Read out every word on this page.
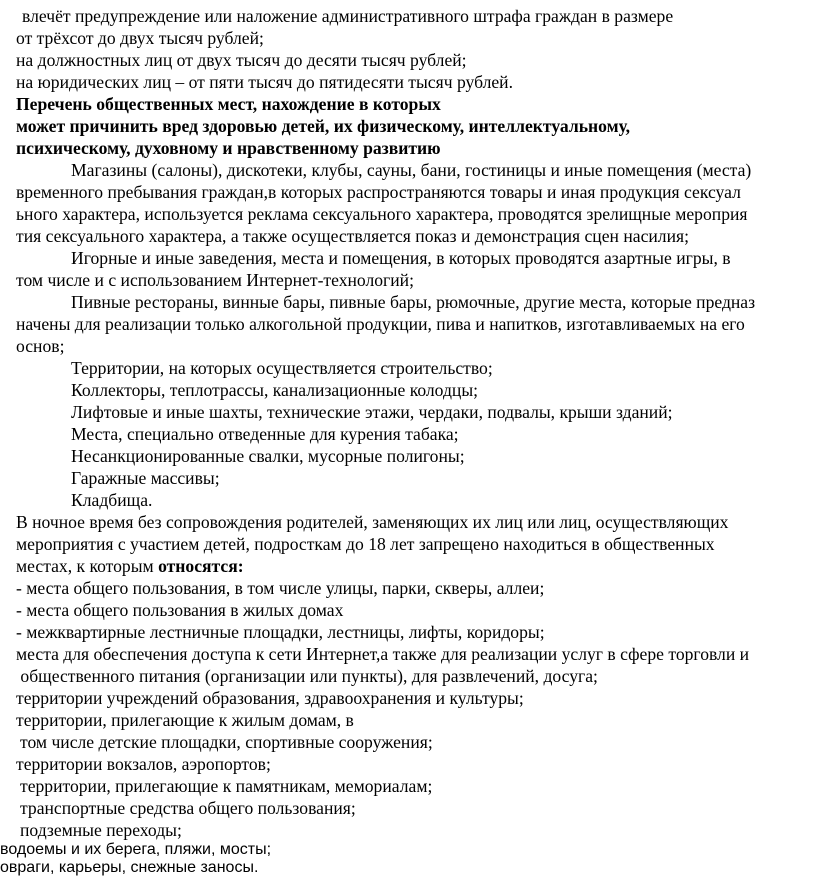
влечёт предупреждение или наложение административного штрафа граждан в размере
от трёхсот до двух тысяч рублей;
на должностных лиц от двух тысяч до десяти тысяч рублей;
на юридических лиц – от пяти тысяч до пятидесяти тысяч рублей.
Перечень общественных мест, нахождение в которых
может причинить вред здоровью детей, их физическому, интеллектуальному,
психическому, духовному и нравственному развитию
Магазины (салоны), дискотеки, клубы, сауны, бани, гостиницы и иные помещения (места)
временного пребывания граждан,в которых распространяются товары и иная продукция сексуал
ьного характера, используется реклама сексуального характера, проводятся зрелищные мероприя
тия сексуального характера, а также осуществляется показ и демонстрация сцен насилия;
Игорные и иные заведения, места и помещения, в которых проводятся азартные игры, в
том числе и с использованием Интернет-технологий;
Пивные рестораны, винные бары, пивные бары, рюмочные, другие места, которые предназ
начены для реализации только алкогольной продукции, пива и напитков, изготавливаемых на его
основ;
Территории, на которых осуществляется строительство;
Коллекторы, теплотрассы, канализационные колодцы;
Лифтовые и иные шахты, технические этажи, чердаки, подвалы, крыши зданий;
Места, специально отведенные для курения табака;
Несанкционированные свалки, мусорные полигоны;
Гаражные массивы;
Кладбища.
В ночное время без сопровождения родителей, заменяющих их лиц или лиц, осуществляющих
мероприятия с участием детей, подросткам до 18 лет запрещено находиться в общественных
местах, к которым относятся:
- места общего пользования, в том числе улицы, парки, скверы, аллеи;
- места общего пользования в жилых домах
- межквартирные лестничные площадки, лестницы, лифты, коридоры;
места для обеспечения доступа к сети Интернет,а также для реализации услуг в сфере торговли и
общественного питания (организации или пункты), для развлечений, досуга;
территории учреждений образования, здравоохранения и культуры;
территории, прилегающие к жилым домам, в
том числе детские площадки, спортивные сооружения;
территории вокзалов, аэропортов;
территории, прилегающие к памятникам, мемориалам;
транспортные средства общего пользования;
подземные переходы;
водоемы и их берега, пляжи, мосты;
овраги, карьеры, снежные заносы.
